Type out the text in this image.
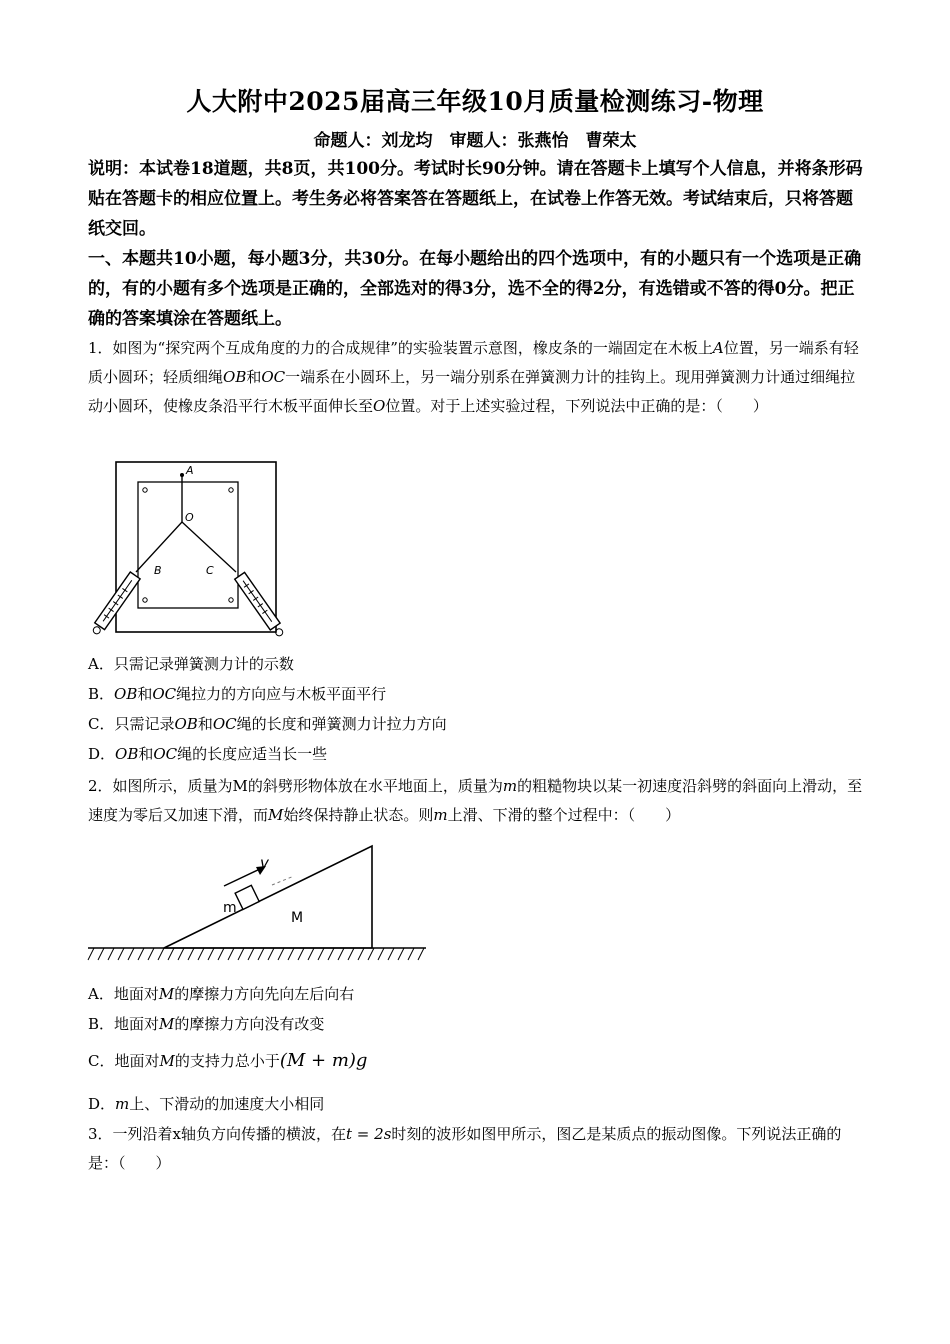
人大附中2025届高三年级10月质量检测练习-物理
命题人：刘龙均　审题人：张燕怡　曹荣太
说明：本试卷18道题，共8页，共100分。考试时长90分钟。请在答题卡上填写个人信息，并将条形码贴在答题卡的相应位置上。考生务必将答案答在答题纸上，在试卷上作答无效。考试结束后，只将答题纸交回。
一、本题共10小题，每小题3分，共30分。在每小题给出的四个选项中，有的小题只有一个选项是正确的，有的小题有多个选项是正确的，全部选对的得3分，选不全的得2分，有选错或不答的得0分。把正确的答案填涂在答题纸上。
1．如图为“探究两个互成角度的力的合成规律”的实验装置示意图，橡皮条的一端固定在木板上A位置，另一端系有轻质小圆环；轻质细绳OB和OC一端系在小圆环上，另一端分别系在弹簧测力计的挂钩上。现用弹簧测力计通过细绳拉动小圆环，使橡皮条沿平行木板平面伸长至O位置。对于上述实验过程，下列说法中正确的是：（　　）
A
O
B	C
A．只需记录弹簧测力计的示数
B．OB和OC绳拉力的方向应与木板平面平行
C．只需记录OB和OC绳的长度和弹簧测力计拉力方向
D．OB和OC绳的长度应适当长一些
2．如图所示，质量为M的斜劈形物体放在水平地面上，质量为m的粗糙物块以某一初速度沿斜劈的斜面向上滑动，至速度为零后又加速下滑，而M始终保持静止状态。则m上滑、下滑的整个过程中：（　　）
v
m
M
A．地面对M的摩擦力方向先向左后向右
B．地面对M的摩擦力方向没有改变
C．地面对M的支持力总小于(M + m)g
D．m上、下滑动的加速度大小相同
3．一列沿着x轴负方向传播的横波，在t = 2s时刻的波形如图甲所示，图乙是某质点的振动图像。下列说法正确的是：（　　）
